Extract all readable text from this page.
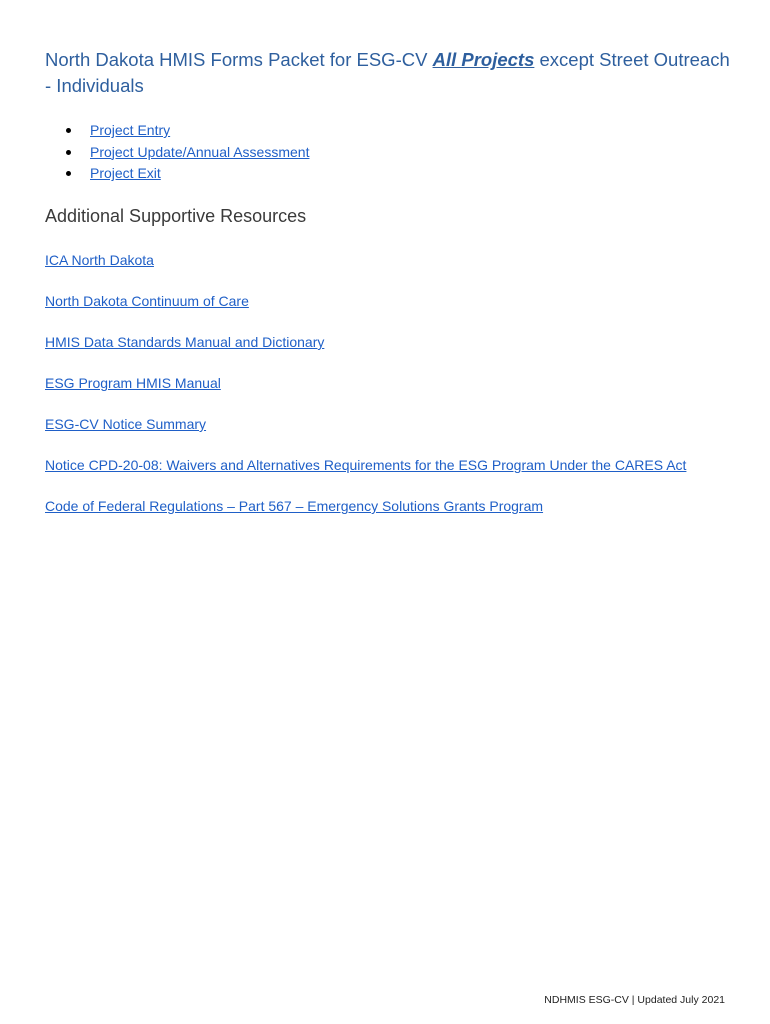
North Dakota HMIS Forms Packet for ESG-CV All Projects except Street Outreach - Individuals
Project Entry
Project Update/Annual Assessment
Project Exit
Additional Supportive Resources
ICA North Dakota
North Dakota Continuum of Care
HMIS Data Standards Manual and Dictionary
ESG Program HMIS Manual
ESG-CV Notice Summary
Notice CPD-20-08: Waivers and Alternatives Requirements for the ESG Program Under the CARES Act
Code of Federal Regulations – Part 567 – Emergency Solutions Grants Program
NDHMIS ESG-CV | Updated July 2021
